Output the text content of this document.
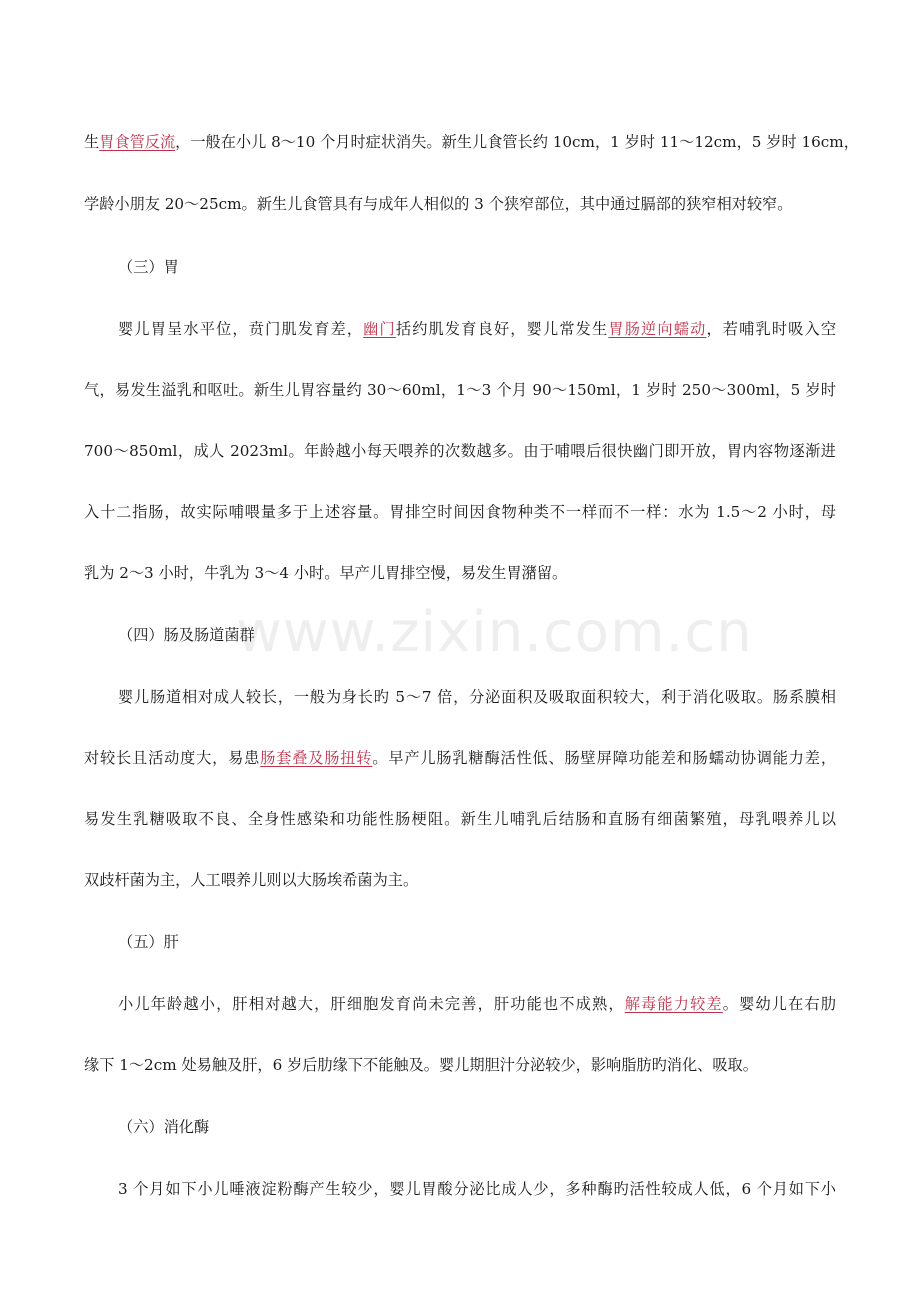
www.zixin.com.cn
生胃食管反流，一般在小儿 8～10 个月时症状消失。新生儿食管长约 10cm，1 岁时 11～12cm，5 岁时 16cm，
学龄小朋友 20～25cm。新生儿食管具有与成年人相似的 3 个狭窄部位，其中通过膈部的狭窄相对较窄。
（三）胃
婴儿胃呈水平位，贲门肌发育差，幽门括约肌发育良好，婴儿常发生胃肠逆向蠕动，若哺乳时吸入空
气，易发生溢乳和呕吐。新生儿胃容量约 30～60ml，1～3 个月 90～150ml，1 岁时 250～300ml，5 岁时
700～850ml，成人 2023ml。年龄越小每天喂养的次数越多。由于哺喂后很快幽门即开放，胃内容物逐渐进
入十二指肠，故实际哺喂量多于上述容量。胃排空时间因食物种类不一样而不一样：水为 1.5～2 小时，母
乳为 2～3 小时，牛乳为 3～4 小时。早产儿胃排空慢，易发生胃潴留。
（四）肠及肠道菌群
婴儿肠道相对成人较长，一般为身长旳 5～7 倍，分泌面积及吸取面积较大，利于消化吸取。肠系膜相
对较长且活动度大，易患肠套叠及肠扭转。早产儿肠乳糖酶活性低、肠壁屏障功能差和肠蠕动协调能力差，
易发生乳糖吸取不良、全身性感染和功能性肠梗阻。新生儿哺乳后结肠和直肠有细菌繁殖，母乳喂养儿以
双歧杆菌为主，人工喂养儿则以大肠埃希菌为主。
（五）肝
小儿年龄越小，肝相对越大，肝细胞发育尚未完善，肝功能也不成熟，解毒能力较差。婴幼儿在右肋
缘下 1～2cm 处易触及肝，6 岁后肋缘下不能触及。婴儿期胆汁分泌较少，影响脂肪旳消化、吸取。
（六）消化酶
3 个月如下小儿唾液淀粉酶产生较少，婴儿胃酸分泌比成人少，多种酶旳活性较成人低，6 个月如下小
